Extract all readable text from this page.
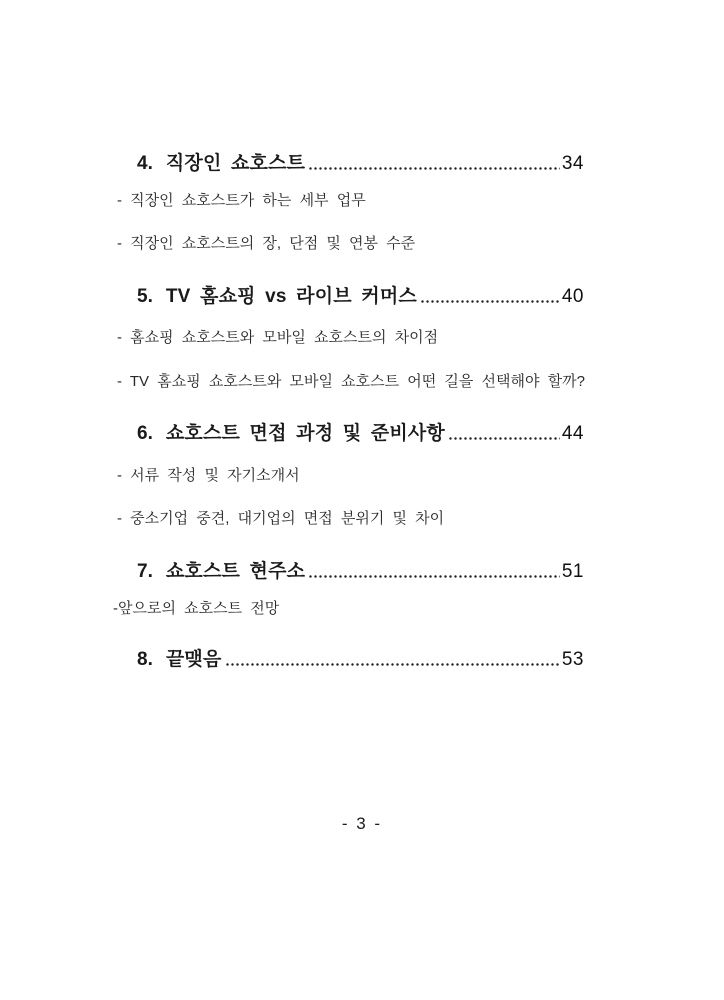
4. 직장인 쇼호스트	34
- 직장인 쇼호스트가 하는 세부 업무
- 직장인 쇼호스트의 장, 단점 및 연봉 수준
5. TV 홈쇼핑 vs 라이브 커머스	40
- 홈쇼핑 쇼호스트와 모바일 쇼호스트의 차이점
- TV 홈쇼핑 쇼호스트와 모바일 쇼호스트 어떤 길을 선택해야 할까?
6. 쇼호스트 면접 과정 및 준비사항	44
- 서류 작성 및 자기소개서
- 중소기업 중견, 대기업의 면접 분위기 및 차이
7. 쇼호스트 현주소	51
-앞으로의 쇼호스트 전망
8. 끝맺음	53
- 3 -
